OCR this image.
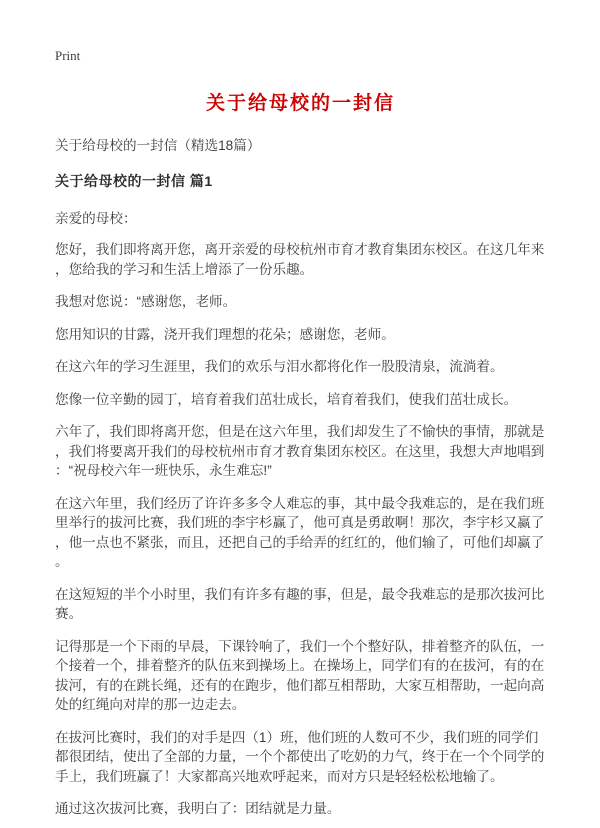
Print
关于给母校的一封信
关于给母校的一封信（精选18篇）
关于给母校的一封信 篇1
亲爱的母校：

您好，我们即将离开您，离开亲爱的母校杭州市育才教育集团东校区。在这几年来，您给我的学习和生活上增添了一份乐趣。

我想对您说：“感谢您，老师。

您用知识的甘露，浇开我们理想的花朵；感谢您，老师。

在这六年的学习生涯里，我们的欢乐与泪水都将化作一股股清泉，流淌着。

您像一位辛勤的园丁，培育着我们茁壮成长，培育着我们，使我们茁壮成长。

六年了，我们即将离开您，但是在这六年里，我们却发生了不愉快的事情，那就是，我们将要离开我们的母校杭州市育才教育集团东校区。在这里，我想大声地唱到：“祝母校六年一班快乐，永生难忘!”

在这六年里，我们经历了许许多多令人难忘的事，其中最令我难忘的，是在我们班里举行的拔河比赛，我们班的李宇杉赢了，他可真是勇敢啊！那次，李宇杉又赢了，他一点也不紧张，而且，还把自己的手给弄的红红的，他们输了，可他们却赢了。

在这短短的半个小时里，我们有许多有趣的事，但是，最令我难忘的是那次拔河比赛。

记得那是一个下雨的早晨，下课铃响了，我们一个个整好队，排着整齐的队伍，一个接着一个，排着整齐的队伍来到操场上。在操场上，同学们有的在拔河，有的在拔河，有的在跳长绳，还有的在跑步，他们都互相帮助，大家互相帮助，一起向高处的红绳向对岸的那一边走去。

在拔河比赛时，我们的对手是四（1）班，他们班的人数可不少，我们班的同学们都很团结，使出了全部的力量，一个个都使出了吃奶的力气，终于在一个个同学的手上，我们班赢了！大家都高兴地欢呼起来，而对方只是轻轻松松地输了。

通过这次拔河比赛，我明白了：团结就是力量。
